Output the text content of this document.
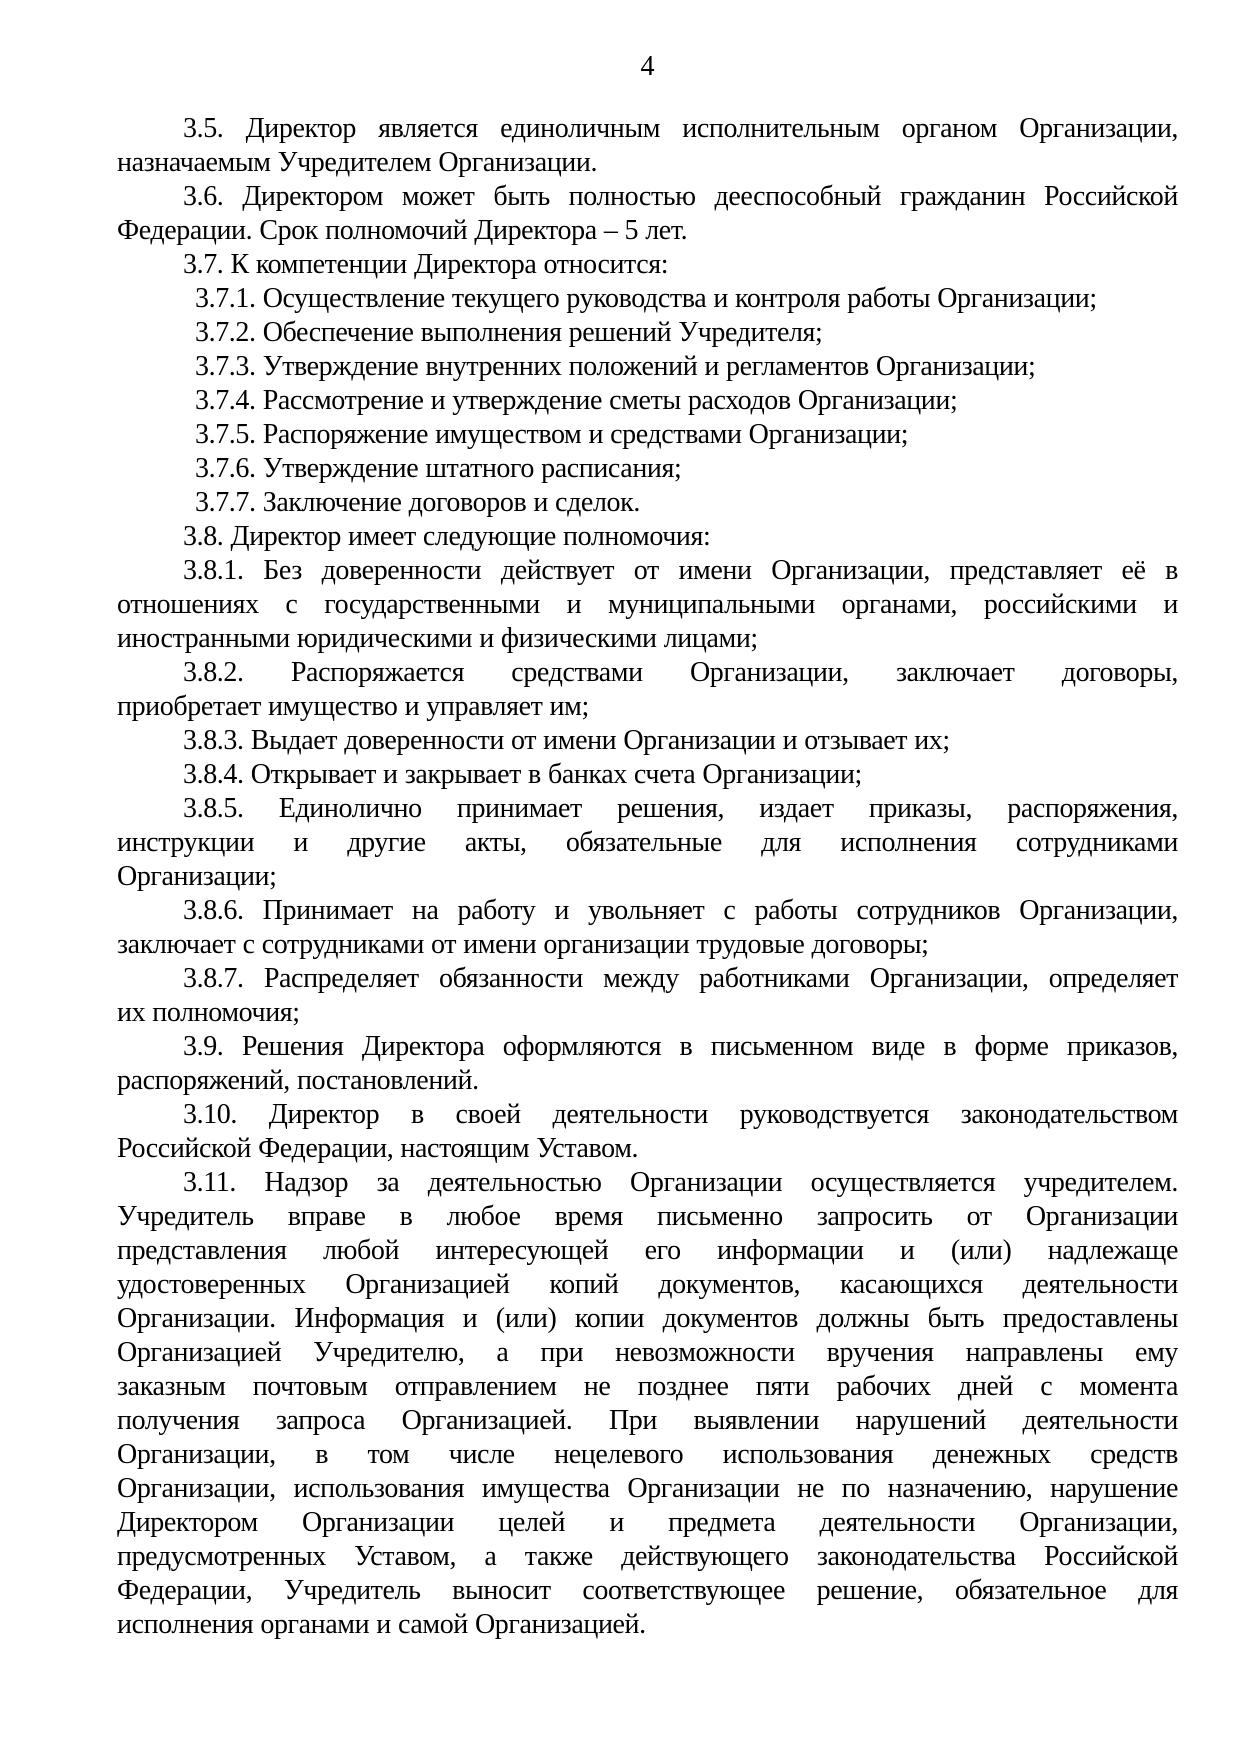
4
3.5. Директор является единоличным исполнительным органом Организации,
назначаемым Учредителем Организации.
3.6. Директором может быть полностью дееспособный гражданин Российской
Федерации. Срок полномочий Директора – 5 лет.
3.7. К компетенции Директора относится:
3.7.1. Осуществление текущего руководства и контроля работы Организации;
3.7.2. Обеспечение выполнения решений Учредителя;
3.7.3. Утверждение внутренних положений и регламентов Организации;
3.7.4. Рассмотрение и утверждение сметы расходов Организации;
3.7.5. Распоряжение имуществом и средствами Организации;
3.7.6. Утверждение штатного расписания;
3.7.7. Заключение договоров и сделок.
3.8. Директор имеет следующие полномочия:
3.8.1. Без доверенности действует от имени Организации, представляет её в
отношениях с государственными и муниципальными органами, российскими и
иностранными юридическими и физическими лицами;
3.8.2. Распоряжается средствами Организации, заключает договоры,
приобретает имущество и управляет им;
3.8.3. Выдает доверенности от имени Организации и отзывает их;
3.8.4. Открывает и закрывает в банках счета Организации;
3.8.5. Единолично принимает решения, издает приказы, распоряжения,
инструкции и другие акты, обязательные для исполнения сотрудниками
Организации;
3.8.6. Принимает на работу и увольняет с работы сотрудников Организации,
заключает с сотрудниками от имени организации трудовые договоры;
3.8.7. Распределяет обязанности между работниками Организации, определяет
их полномочия;
3.9. Решения Директора оформляются в письменном виде в форме приказов,
распоряжений, постановлений.
3.10. Директор в своей деятельности руководствуется законодательством
Российской Федерации, настоящим Уставом.
3.11. Надзор за деятельностью Организации осуществляется учредителем.
Учредитель вправе в любое время письменно запросить от Организации
представления любой интересующей его информации и (или) надлежаще
удостоверенных Организацией копий документов, касающихся деятельности
Организации. Информация и (или) копии документов должны быть предоставлены
Организацией Учредителю, а при невозможности вручения направлены ему
заказным почтовым отправлением не позднее пяти рабочих дней с момента
получения запроса Организацией. При выявлении нарушений деятельности
Организации, в том числе нецелевого использования денежных средств
Организации, использования имущества Организации не по назначению, нарушение
Директором Организации целей и предмета деятельности Организации,
предусмотренных Уставом, а также действующего законодательства Российской
Федерации, Учредитель выносит соответствующее решение, обязательное для
исполнения органами и самой Организацией.
